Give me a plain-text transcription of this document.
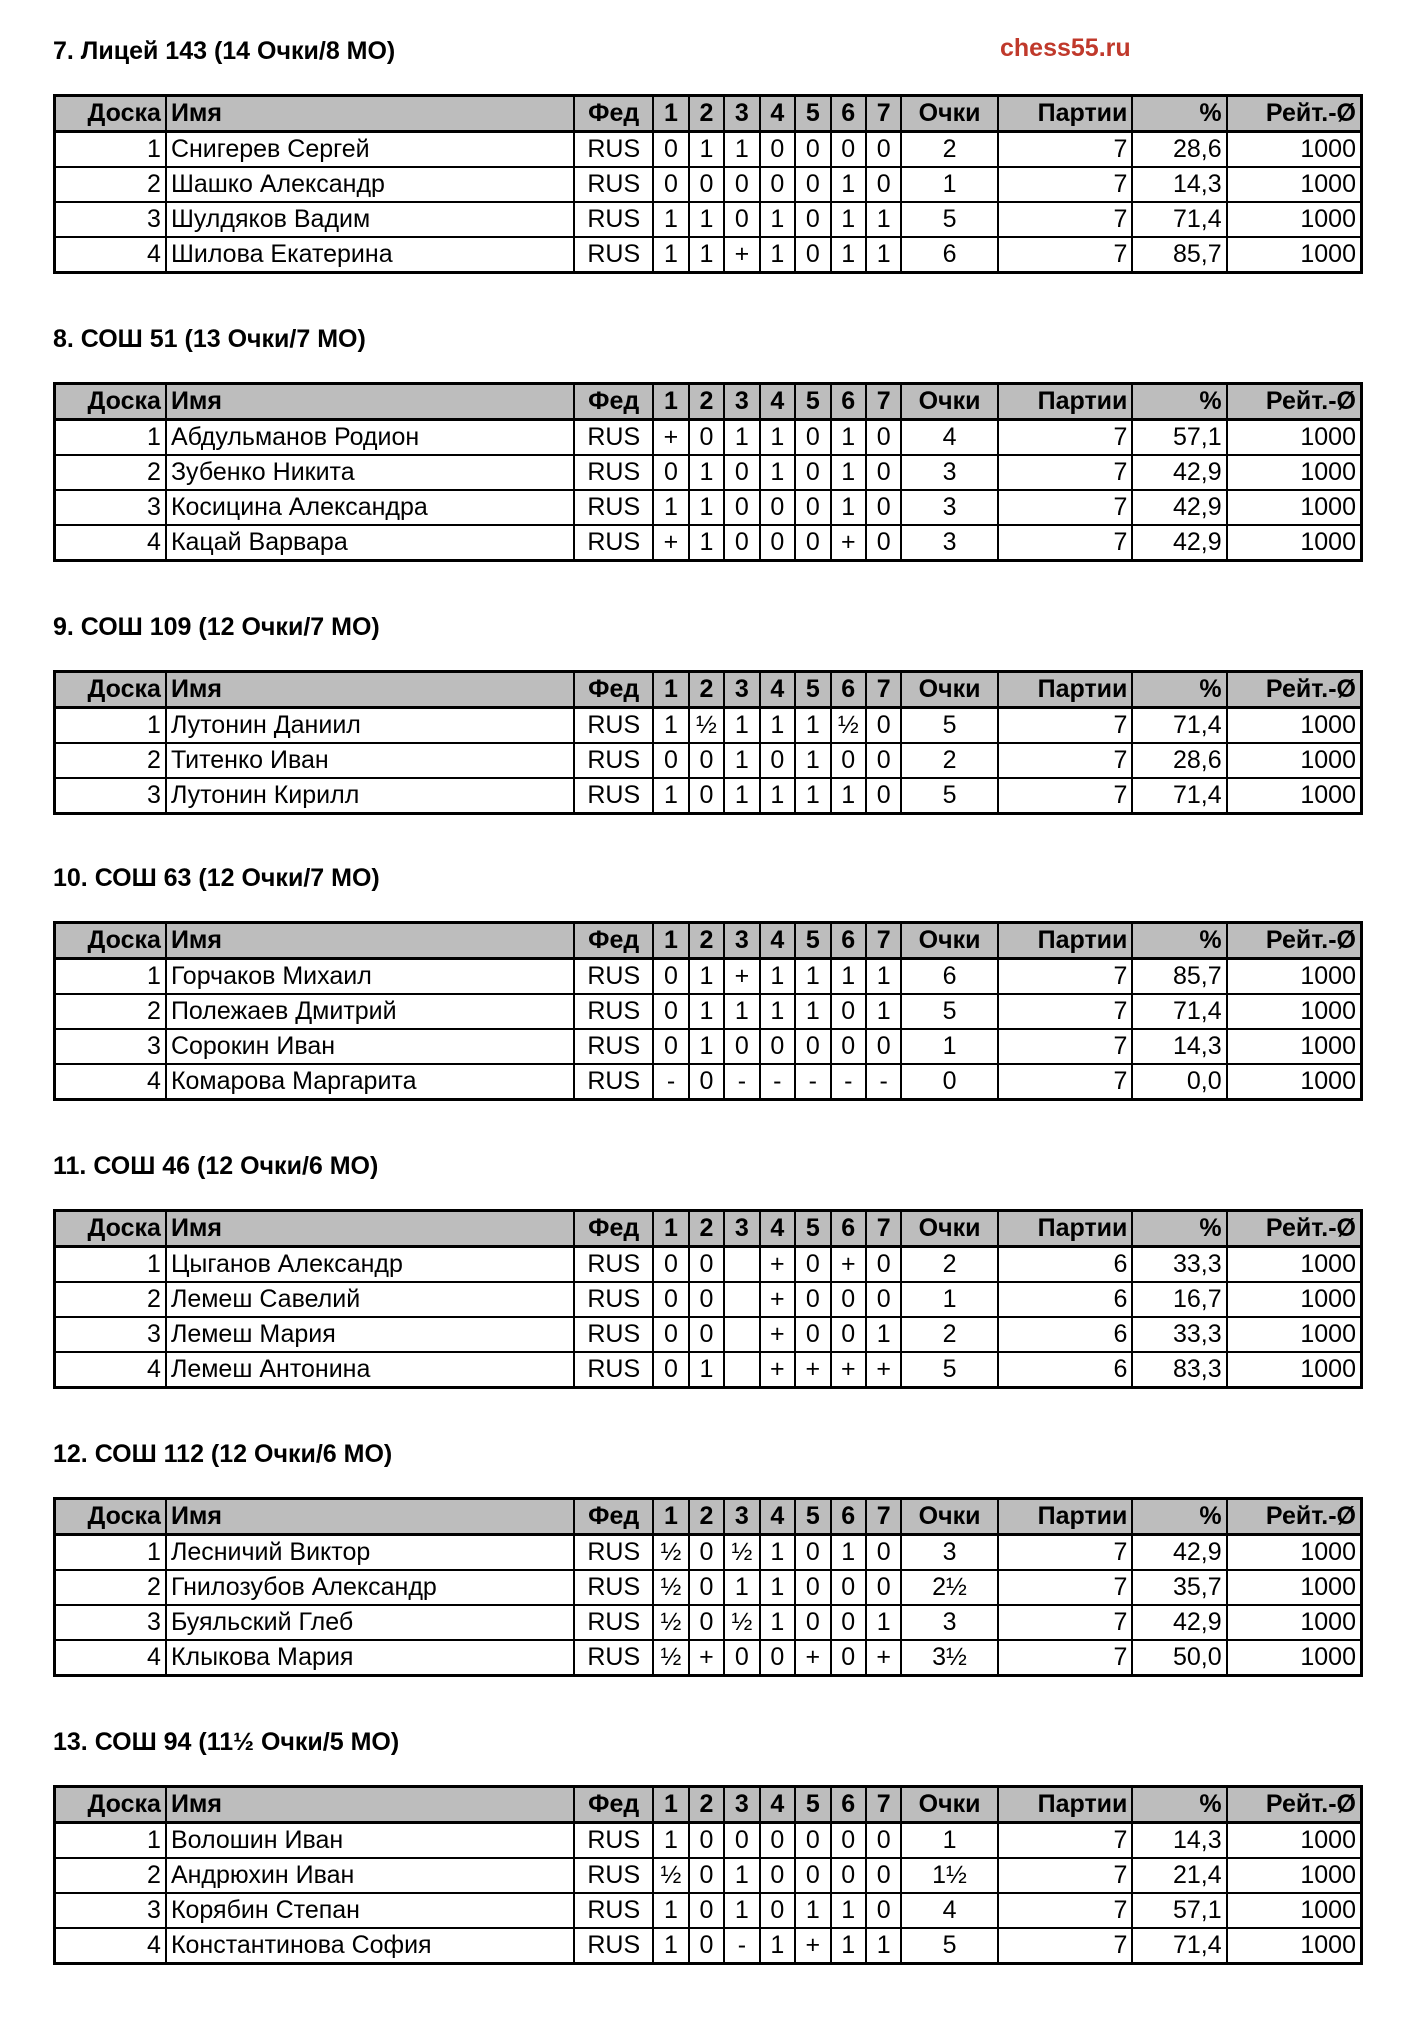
chess55.ru
7. Лицей 143 (14 Очки/8 МО)
Доска	Имя	Фед	1	2	3	4	5	6	7	Очки	Партии	%	Рейт.-Ø
1	Снигерев Сергей	RUS	0	1	1	0	0	0	0	2	7	28,6	1000
2	Шашко Александр	RUS	0	0	0	0	0	1	0	1	7	14,3	1000
3	Шулдяков Вадим	RUS	1	1	0	1	0	1	1	5	7	71,4	1000
4	Шилова Екатерина	RUS	1	1	+	1	0	1	1	6	7	85,7	1000
8. СОШ 51 (13 Очки/7 МО)
Доска	Имя	Фед	1	2	3	4	5	6	7	Очки	Партии	%	Рейт.-Ø
1	Абдульманов Родион	RUS	+	0	1	1	0	1	0	4	7	57,1	1000
2	Зубенко Никита	RUS	0	1	0	1	0	1	0	3	7	42,9	1000
3	Косицина Александра	RUS	1	1	0	0	0	1	0	3	7	42,9	1000
4	Кацай Варвара	RUS	+	1	0	0	0	+	0	3	7	42,9	1000
9. СОШ 109 (12 Очки/7 МО)
Доска	Имя	Фед	1	2	3	4	5	6	7	Очки	Партии	%	Рейт.-Ø
1	Лутонин Даниил	RUS	1	½	1	1	1	½	0	5	7	71,4	1000
2	Титенко Иван	RUS	0	0	1	0	1	0	0	2	7	28,6	1000
3	Лутонин Кирилл	RUS	1	0	1	1	1	1	0	5	7	71,4	1000
10. СОШ 63 (12 Очки/7 МО)
Доска	Имя	Фед	1	2	3	4	5	6	7	Очки	Партии	%	Рейт.-Ø
1	Горчаков Михаил	RUS	0	1	+	1	1	1	1	6	7	85,7	1000
2	Полежаев Дмитрий	RUS	0	1	1	1	1	0	1	5	7	71,4	1000
3	Сорокин Иван	RUS	0	1	0	0	0	0	0	1	7	14,3	1000
4	Комарова Маргарита	RUS	-	0	-	-	-	-	-	0	7	0,0	1000
11. СОШ 46 (12 Очки/6 МО)
Доска	Имя	Фед	1	2	3	4	5	6	7	Очки	Партии	%	Рейт.-Ø
1	Цыганов Александр	RUS	0	0		+	0	+	0	2	6	33,3	1000
2	Лемеш Савелий	RUS	0	0		+	0	0	0	1	6	16,7	1000
3	Лемеш Мария	RUS	0	0		+	0	0	1	2	6	33,3	1000
4	Лемеш Антонина	RUS	0	1		+	+	+	+	5	6	83,3	1000
12. СОШ 112 (12 Очки/6 МО)
Доска	Имя	Фед	1	2	3	4	5	6	7	Очки	Партии	%	Рейт.-Ø
1	Лесничий Виктор	RUS	½	0	½	1	0	1	0	3	7	42,9	1000
2	Гнилозубов Александр	RUS	½	0	1	1	0	0	0	2½	7	35,7	1000
3	Буяльский Глеб	RUS	½	0	½	1	0	0	1	3	7	42,9	1000
4	Клыкова Мария	RUS	½	+	0	0	+	0	+	3½	7	50,0	1000
13. СОШ 94 (11½ Очки/5 МО)
Доска	Имя	Фед	1	2	3	4	5	6	7	Очки	Партии	%	Рейт.-Ø
1	Волошин Иван	RUS	1	0	0	0	0	0	0	1	7	14,3	1000
2	Андрюхин Иван	RUS	½	0	1	0	0	0	0	1½	7	21,4	1000
3	Корябин Степан	RUS	1	0	1	0	1	1	0	4	7	57,1	1000
4	Константинова София	RUS	1	0	-	1	+	1	1	5	7	71,4	1000
